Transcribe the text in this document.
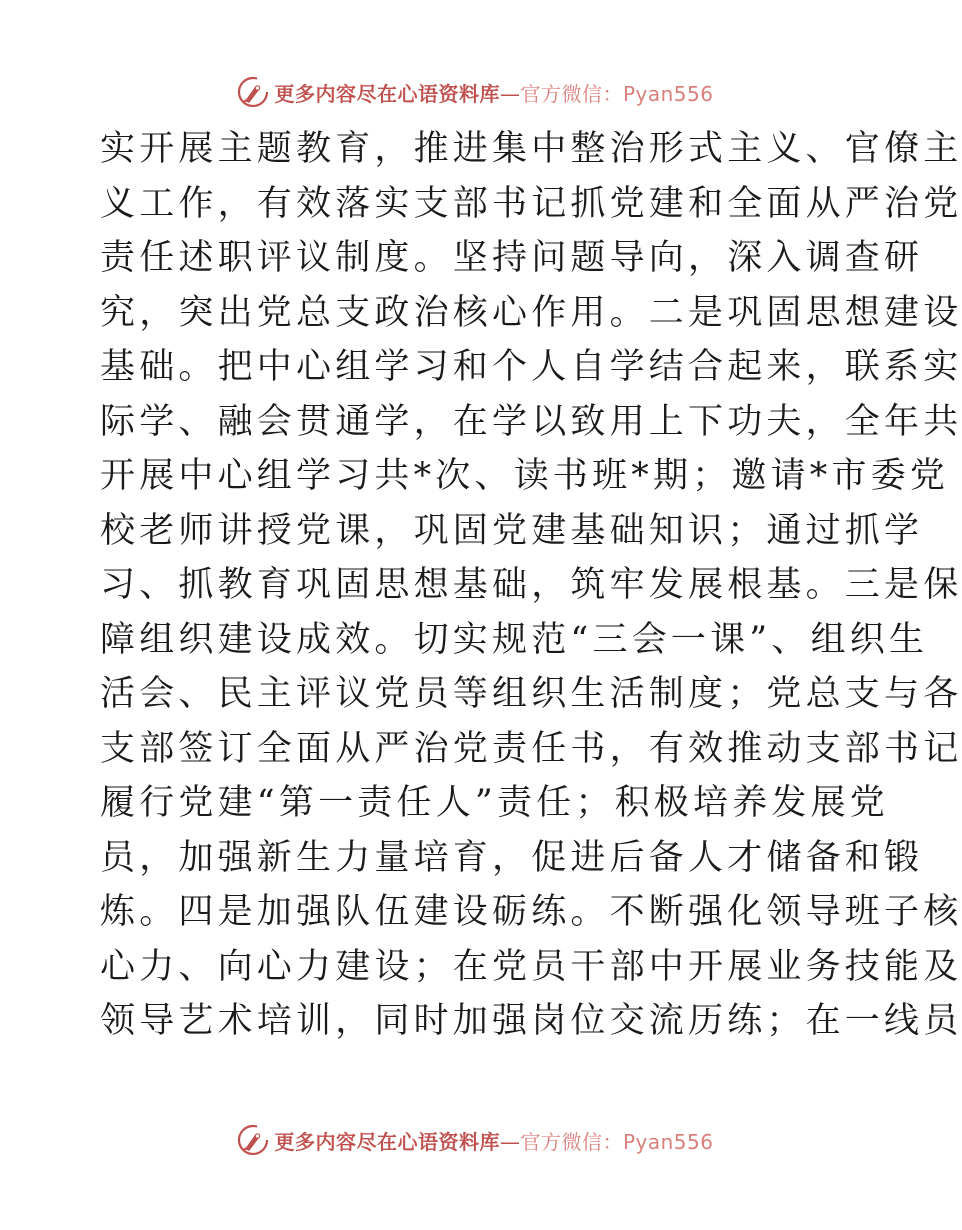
更多内容尽在心语资料库—官方微信：Pyan556
实开展主题教育，推进集中整治形式主义、官僚主
义工作，有效落实支部书记抓党建和全面从严治党
责任述职评议制度。坚持问题导向，深入调查研
究，突出党总支政治核心作用。二是巩固思想建设
基础。把中心组学习和个人自学结合起来，联系实
际学、融会贯通学，在学以致用上下功夫，全年共
开展中心组学习共*次、读书班*期；邀请*市委党
校老师讲授党课，巩固党建基础知识；通过抓学
习、抓教育巩固思想基础，筑牢发展根基。三是保
障组织建设成效。切实规范“三会一课”、组织生
活会、民主评议党员等组织生活制度；党总支与各
支部签订全面从严治党责任书，有效推动支部书记
履行党建“第一责任人”责任；积极培养发展党
员，加强新生力量培育，促进后备人才储备和锻
炼。四是加强队伍建设砺练。不断强化领导班子核
心力、向心力建设；在党员干部中开展业务技能及
领导艺术培训，同时加强岗位交流历练；在一线员
更多内容尽在心语资料库—官方微信：Pyan556
